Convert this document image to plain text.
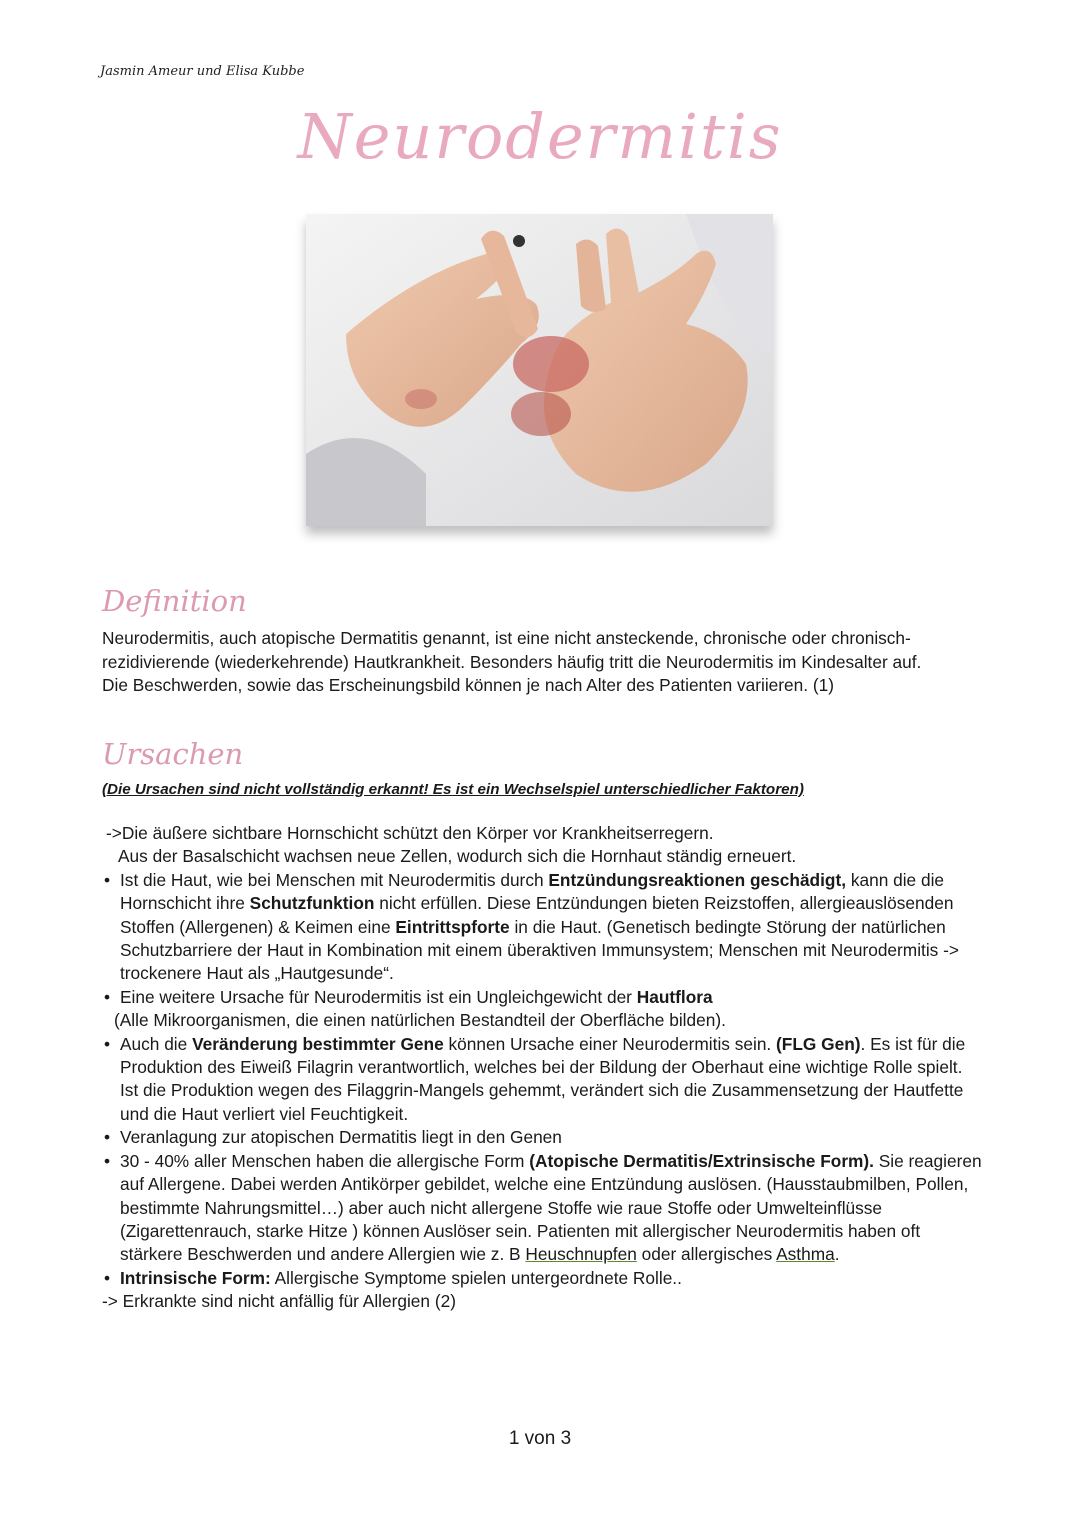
Jasmin Ameur und Elisa Kubbe
Neurodermitis
Definition
Neurodermitis, auch atopische Dermatitis genannt, ist eine nicht ansteckende, chronische oder chronisch- rezidivierende (wiederkehrende) Hautkrankheit. Besonders häufig tritt die Neurodermitis im Kindesalter auf.
Die Beschwerden, sowie das Erscheinungsbild können je nach Alter des Patienten variieren. (1)
Ursachen
(Die Ursachen sind nicht vollständig erkannt! Es ist ein Wechselspiel unterschiedlicher Faktoren)

->Die äußere sichtbare Hornschicht schützt den Körper vor Krankheitserregern.

Aus der Basalschicht wachsen neue Zellen, wodurch sich die Hornhaut ständig erneuert.

• Ist die Haut, wie bei Menschen mit Neurodermitis durch Entzündungsreaktionen geschädigt, kann die die Hornschicht ihre Schutzfunktion nicht erfüllen. Diese Entzündungen bieten Reizstoffen, allergieauslösenden Stoffen (Allergenen) & Keimen eine Eintrittspforte in die Haut. (Genetisch bedingte Störung der natürlichen Schutzbarriere der Haut in Kombination mit einem überaktiven Immunsystem; Menschen mit Neurodermitis -> trockenere Haut als „Hautgesunde“.
• Eine weitere Ursache für Neurodermitis ist ein Ungleichgewicht der Hautflora
(Alle Mikroorganismen, die einen natürlichen Bestandteil der Oberfläche bilden).
• Auch die Veränderung bestimmter Gene können Ursache einer Neurodermitis sein. (FLG Gen). Es ist für die Produktion des Eiweiß Filagrin verantwortlich, welches bei der Bildung der Oberhaut eine wichtige Rolle spielt. Ist die Produktion wegen des Filaggrin-Mangels gehemmt, verändert sich die Zusammensetzung der Hautfette und die Haut verliert viel Feuchtigkeit.
• Veranlagung zur atopischen Dermatitis liegt in den Genen
• 30 - 40% aller Menschen haben die allergische Form (Atopische Dermatitis/Extrinsische Form). Sie reagieren auf Allergene. Dabei werden Antikörper gebildet, welche eine Entzündung auslösen. (Hausstaubmilben, Pollen, bestimmte Nahrungsmittel…) aber auch nicht allergene Stoffe wie raue Stoffe oder Umwelteinflüsse (Zigarettenrauch, starke Hitze ) können Auslöser sein. Patienten mit allergischer Neurodermitis haben oft stärkere Beschwerden und andere Allergien wie z. B Heuschnupfen oder allergisches Asthma.
• Intrinsische Form: Allergische Symptome spielen untergeordnete Rolle..

-> Erkrankte sind nicht anfällig für Allergien (2)

1 von 3
